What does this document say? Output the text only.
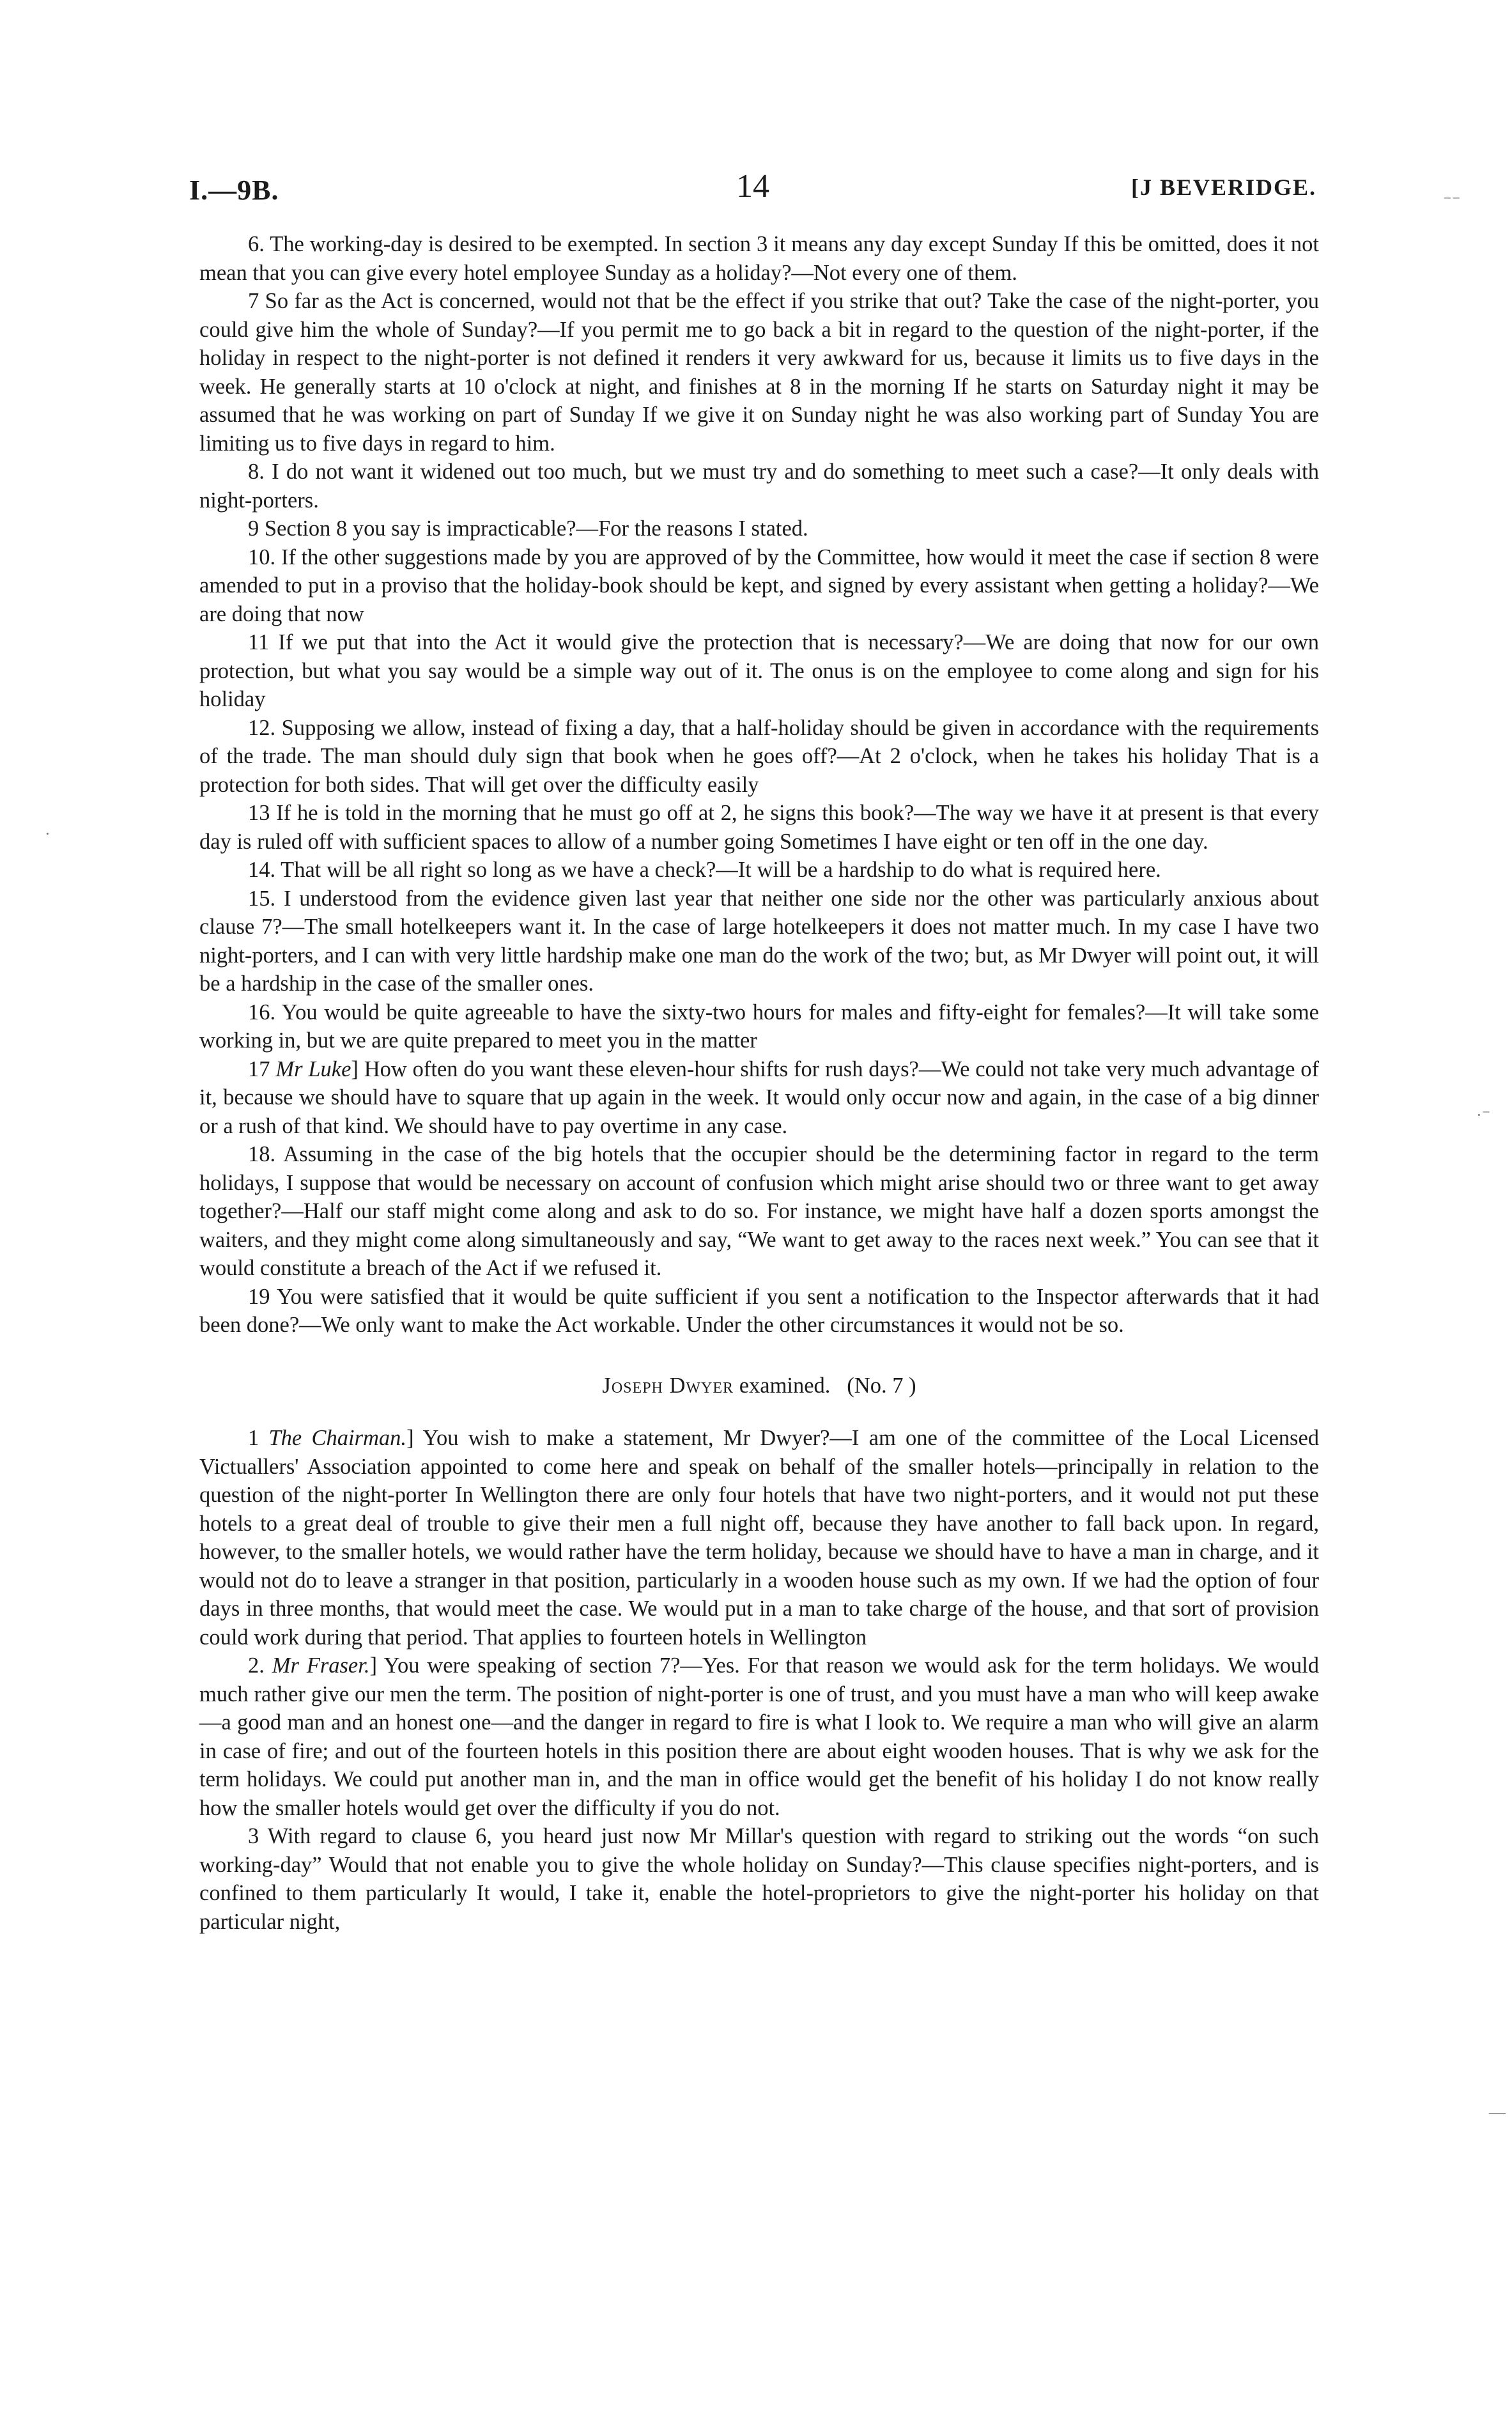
I.—9B.	14	[J BEVERIDGE.

6. The working-day is desired to be exempted. In section 3 it means any day except Sunday If this be omitted, does it not mean that you can give every hotel employee Sunday as a holiday?—Not every one of them.

7 So far as the Act is concerned, would not that be the effect if you strike that out? Take the case of the night-porter, you could give him the whole of Sunday?—If you permit me to go back a bit in regard to the question of the night-porter, if the holiday in respect to the night-porter is not defined it renders it very awkward for us, because it limits us to five days in the week. He generally starts at 10 o'clock at night, and finishes at 8 in the morning If he starts on Saturday night it may be assumed that he was working on part of Sunday If we give it on Sunday night he was also working part of Sunday You are limiting us to five days in regard to him.

8. I do not want it widened out too much, but we must try and do something to meet such a case?—It only deals with night-porters.

9 Section 8 you say is impracticable?—For the reasons I stated.

10. If the other suggestions made by you are approved of by the Committee, how would it meet the case if section 8 were amended to put in a proviso that the holiday-book should be kept, and signed by every assistant when getting a holiday?—We are doing that now

11 If we put that into the Act it would give the protection that is necessary?—We are doing that now for our own protection, but what you say would be a simple way out of it. The onus is on the employee to come along and sign for his holiday

12. Supposing we allow, instead of fixing a day, that a half-holiday should be given in accordance with the requirements of the trade. The man should duly sign that book when he goes off?—At 2 o'clock, when he takes his holiday That is a protection for both sides. That will get over the difficulty easily

13 If he is told in the morning that he must go off at 2, he signs this book?—The way we have it at present is that every day is ruled off with sufficient spaces to allow of a number going Sometimes I have eight or ten off in the one day.

14. That will be all right so long as we have a check?—It will be a hardship to do what is required here.

15. I understood from the evidence given last year that neither one side nor the other was particularly anxious about clause 7?—The small hotelkeepers want it. In the case of large hotelkeepers it does not matter much. In my case I have two night-porters, and I can with very little hardship make one man do the work of the two; but, as Mr Dwyer will point out, it will be a hardship in the case of the smaller ones.

16. You would be quite agreeable to have the sixty-two hours for males and fifty-eight for females?—It will take some working in, but we are quite prepared to meet you in the matter

17 Mr Luke] How often do you want these eleven-hour shifts for rush days?—We could not take very much advantage of it, because we should have to square that up again in the week. It would only occur now and again, in the case of a big dinner or a rush of that kind. We should have to pay overtime in any case.

18. Assuming in the case of the big hotels that the occupier should be the determining factor in regard to the term holidays, I suppose that would be necessary on account of confusion which might arise should two or three want to get away together?—Half our staff might come along and ask to do so. For instance, we might have half a dozen sports amongst the waiters, and they might come along simultaneously and say, “We want to get away to the races next week.” You can see that it would constitute a breach of the Act if we refused it.

19 You were satisfied that it would be quite sufficient if you sent a notification to the Inspector afterwards that it had been done?—We only want to make the Act workable. Under the other circumstances it would not be so.

Joseph Dwyer examined. (No. 7 )

1 The Chairman.] You wish to make a statement, Mr Dwyer?—I am one of the committee of the Local Licensed Victuallers' Association appointed to come here and speak on behalf of the smaller hotels—principally in relation to the question of the night-porter In Wellington there are only four hotels that have two night-porters, and it would not put these hotels to a great deal of trouble to give their men a full night off, because they have another to fall back upon. In regard, however, to the smaller hotels, we would rather have the term holiday, because we should have to have a man in charge, and it would not do to leave a stranger in that position, particularly in a wooden house such as my own. If we had the option of four days in three months, that would meet the case. We would put in a man to take charge of the house, and that sort of provision could work during that period. That applies to fourteen hotels in Wellington

2. Mr Fraser.] You were speaking of section 7?—Yes. For that reason we would ask for the term holidays. We would much rather give our men the term. The position of night-porter is one of trust, and you must have a man who will keep awake—a good man and an honest one—and the danger in regard to fire is what I look to. We require a man who will give an alarm in case of fire; and out of the fourteen hotels in this position there are about eight wooden houses. That is why we ask for the term holidays. We could put another man in, and the man in office would get the benefit of his holiday I do not know really how the smaller hotels would get over the difficulty if you do not.

3 With regard to clause 6, you heard just now Mr Millar's question with regard to striking out the words “on such working-day” Would that not enable you to give the whole holiday on Sunday?—This clause specifies night-porters, and is confined to them particularly It would, I take it, enable the hotel-proprietors to give the night-porter his holiday on that particular night,

⁻⁻
·⁻
·
—
